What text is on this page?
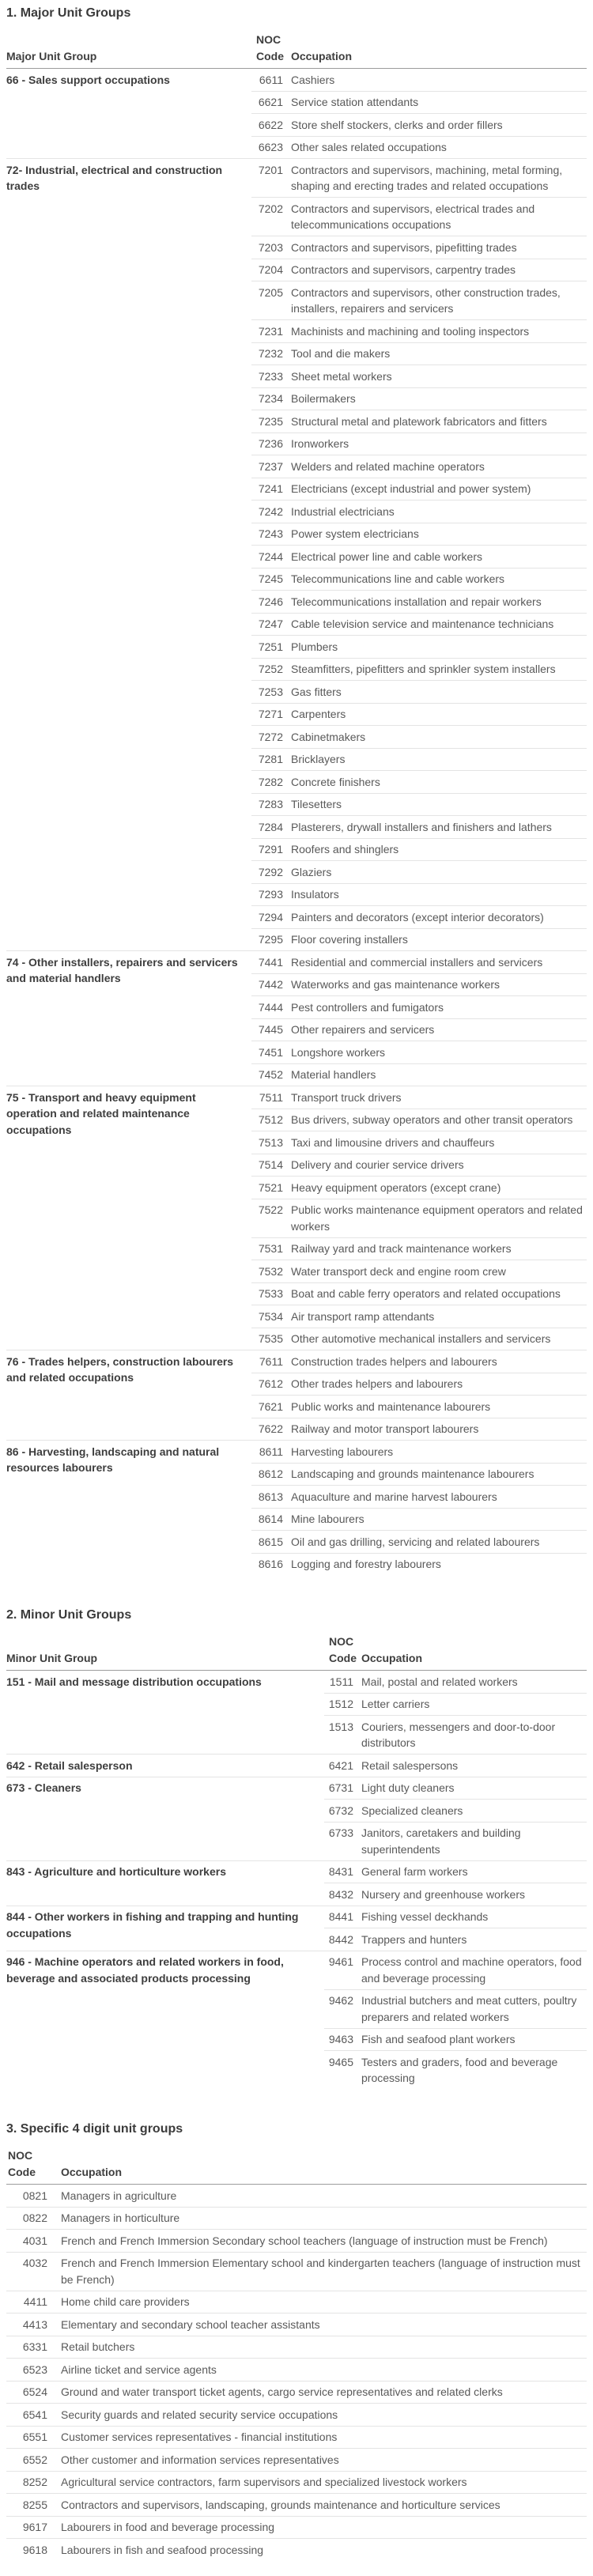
1. Major Unit Groups
Major Unit Group	NOC Code	Occupation
66 - Sales support occupations	6611	Cashiers
	6621	Service station attendants
	6622	Store shelf stockers, clerks and order fillers
	6623	Other sales related occupations
72- Industrial, electrical and construction trades	7201	Contractors and supervisors, machining, metal forming, shaping and erecting trades and related occupations
	7202	Contractors and supervisors, electrical trades and telecommunications occupations
	7203	Contractors and supervisors, pipefitting trades
	7204	Contractors and supervisors, carpentry trades
	7205	Contractors and supervisors, other construction trades, installers, repairers and servicers
	7231	Machinists and machining and tooling inspectors
	7232	Tool and die makers
	7233	Sheet metal workers
	7234	Boilermakers
	7235	Structural metal and platework fabricators and fitters
	7236	Ironworkers
	7237	Welders and related machine operators
	7241	Electricians (except industrial and power system)
	7242	Industrial electricians
	7243	Power system electricians
	7244	Electrical power line and cable workers
	7245	Telecommunications line and cable workers
	7246	Telecommunications installation and repair workers
	7247	Cable television service and maintenance technicians
	7251	Plumbers
	7252	Steamfitters, pipefitters and sprinkler system installers
	7253	Gas fitters
	7271	Carpenters
	7272	Cabinetmakers
	7281	Bricklayers
	7282	Concrete finishers
	7283	Tilesetters
	7284	Plasterers, drywall installers and finishers and lathers
	7291	Roofers and shinglers
	7292	Glaziers
	7293	Insulators
	7294	Painters and decorators (except interior decorators)
	7295	Floor covering installers
74 - Other installers, repairers and servicers and material handlers	7441	Residential and commercial installers and servicers
	7442	Waterworks and gas maintenance workers
	7444	Pest controllers and fumigators
	7445	Other repairers and servicers
	7451	Longshore workers
	7452	Material handlers
75 - Transport and heavy equipment operation and related maintenance occupations	7511	Transport truck drivers
	7512	Bus drivers, subway operators and other transit operators
	7513	Taxi and limousine drivers and chauffeurs
	7514	Delivery and courier service drivers
	7521	Heavy equipment operators (except crane)
	7522	Public works maintenance equipment operators and related workers
	7531	Railway yard and track maintenance workers
	7532	Water transport deck and engine room crew
	7533	Boat and cable ferry operators and related occupations
	7534	Air transport ramp attendants
	7535	Other automotive mechanical installers and servicers
76 - Trades helpers, construction labourers and related occupations	7611	Construction trades helpers and labourers
	7612	Other trades helpers and labourers
	7621	Public works and maintenance labourers
	7622	Railway and motor transport labourers
86 - Harvesting, landscaping and natural resources labourers	8611	Harvesting labourers
	8612	Landscaping and grounds maintenance labourers
	8613	Aquaculture and marine harvest labourers
	8614	Mine labourers
	8615	Oil and gas drilling, servicing and related labourers
	8616	Logging and forestry labourers
2. Minor Unit Groups
Minor Unit Group	NOC Code	Occupation
151 - Mail and message distribution occupations	1511	Mail, postal and related workers
	1512	Letter carriers
	1513	Couriers, messengers and door-to-door distributors
642 - Retail salesperson	6421	Retail salespersons
673 - Cleaners	6731	Light duty cleaners
	6732	Specialized cleaners
	6733	Janitors, caretakers and building superintendents
843 - Agriculture and horticulture workers	8431	General farm workers
	8432	Nursery and greenhouse workers
844 - Other workers in fishing and trapping and hunting occupations	8441	Fishing vessel deckhands
	8442	Trappers and hunters
946 - Machine operators and related workers in food, beverage and associated products processing	9461	Process control and machine operators, food and beverage processing
	9462	Industrial butchers and meat cutters, poultry preparers and related workers
	9463	Fish and seafood plant workers
	9465	Testers and graders, food and beverage processing
3. Specific 4 digit unit groups
NOC Code	Occupation
0821	Managers in agriculture
0822	Managers in horticulture
4031	French and French Immersion Secondary school teachers (language of instruction must be French)
4032	French and French Immersion Elementary school and kindergarten teachers (language of instruction must be French)
4411	Home child care providers
4413	Elementary and secondary school teacher assistants
6331	Retail butchers
6523	Airline ticket and service agents
6524	Ground and water transport ticket agents, cargo service representatives and related clerks
6541	Security guards and related security service occupations
6551	Customer services representatives - financial institutions
6552	Other customer and information services representatives
8252	Agricultural service contractors, farm supervisors and specialized livestock workers
8255	Contractors and supervisors, landscaping, grounds maintenance and horticulture services
9617	Labourers in food and beverage processing
9618	Labourers in fish and seafood processing
